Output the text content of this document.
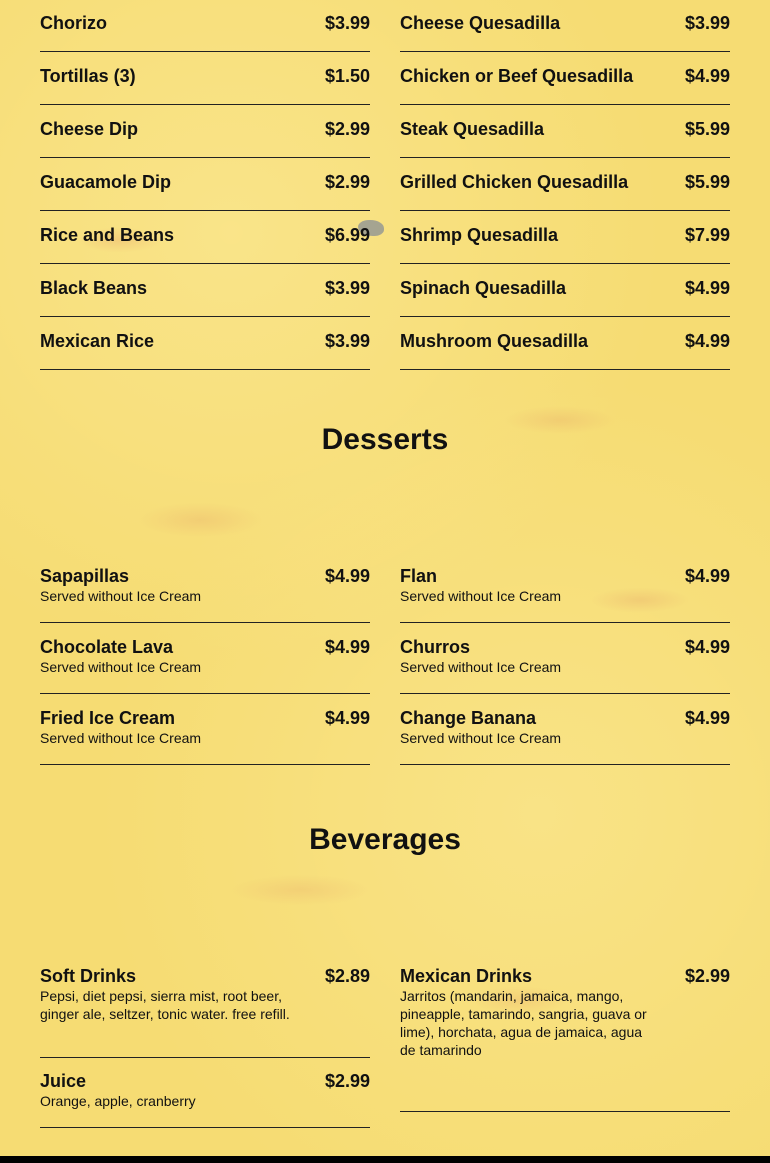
Chorizo	$3.99
Tortillas (3)	$1.50
Cheese Dip	$2.99
Guacamole Dip	$2.99
Rice and Beans	$6.99
Black Beans	$3.99
Mexican Rice	$3.99
Cheese Quesadilla	$3.99
Chicken or Beef Quesadilla	$4.99
Steak Quesadilla	$5.99
Grilled Chicken Quesadilla	$5.99
Shrimp Quesadilla	$7.99
Spinach Quesadilla	$4.99
Mushroom Quesadilla	$4.99
Desserts
Sapapillas	$4.99
Served without Ice Cream
Chocolate Lava	$4.99
Served without Ice Cream
Fried Ice Cream	$4.99
Served without Ice Cream
Flan	$4.99
Served without Ice Cream
Churros	$4.99
Served without Ice Cream
Change Banana	$4.99
Served without Ice Cream
Beverages
Soft Drinks	$2.89
Pepsi, diet pepsi, sierra mist, root beer, ginger ale, seltzer, tonic water. free refill.
Juice	$2.99
Orange, apple, cranberry
Mexican Drinks	$2.99
Jarritos (mandarin, jamaica, mango, pineapple, tamarindo, sangria, guava or lime), horchata, agua de jamaica, agua de tamarindo
